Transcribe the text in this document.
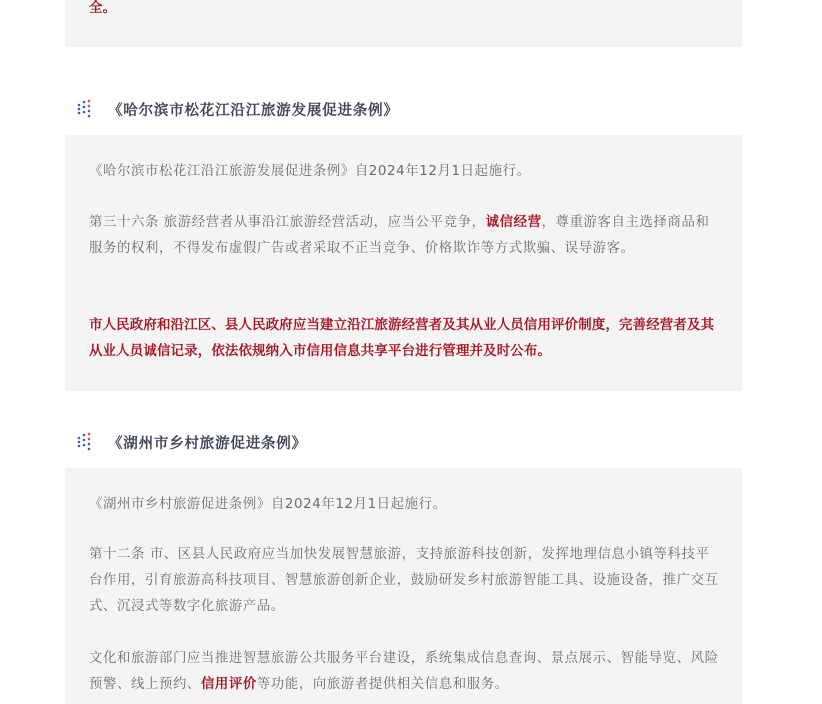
全。

《哈尔滨市松花江沿江旅游发展促进条例》

《哈尔滨市松花江沿江旅游发展促进条例》自2024年12月1日起施行。

第三十六条 旅游经营者从事沿江旅游经营活动，应当公平竞争，诚信经营，尊重游客自主选择商品和服务的权利，不得发布虚假广告或者采取不正当竞争、价格欺诈等方式欺骗、误导游客。

市人民政府和沿江区、县人民政府应当建立沿江旅游经营者及其从业人员信用评价制度，完善经营者及其从业人员诚信记录，依法依规纳入市信用信息共享平台进行管理并及时公布。

《湖州市乡村旅游促进条例》

《湖州市乡村旅游促进条例》自2024年12月1日起施行。

第十二条 市、区县人民政府应当加快发展智慧旅游，支持旅游科技创新，发挥地理信息小镇等科技平台作用，引育旅游高科技项目、智慧旅游创新企业，鼓励研发乡村旅游智能工具、设施设备，推广交互式、沉浸式等数字化旅游产品。

文化和旅游部门应当推进智慧旅游公共服务平台建设，系统集成信息查询、景点展示、智能导览、风险预警、线上预约、信用评价等功能，向旅游者提供相关信息和服务。
